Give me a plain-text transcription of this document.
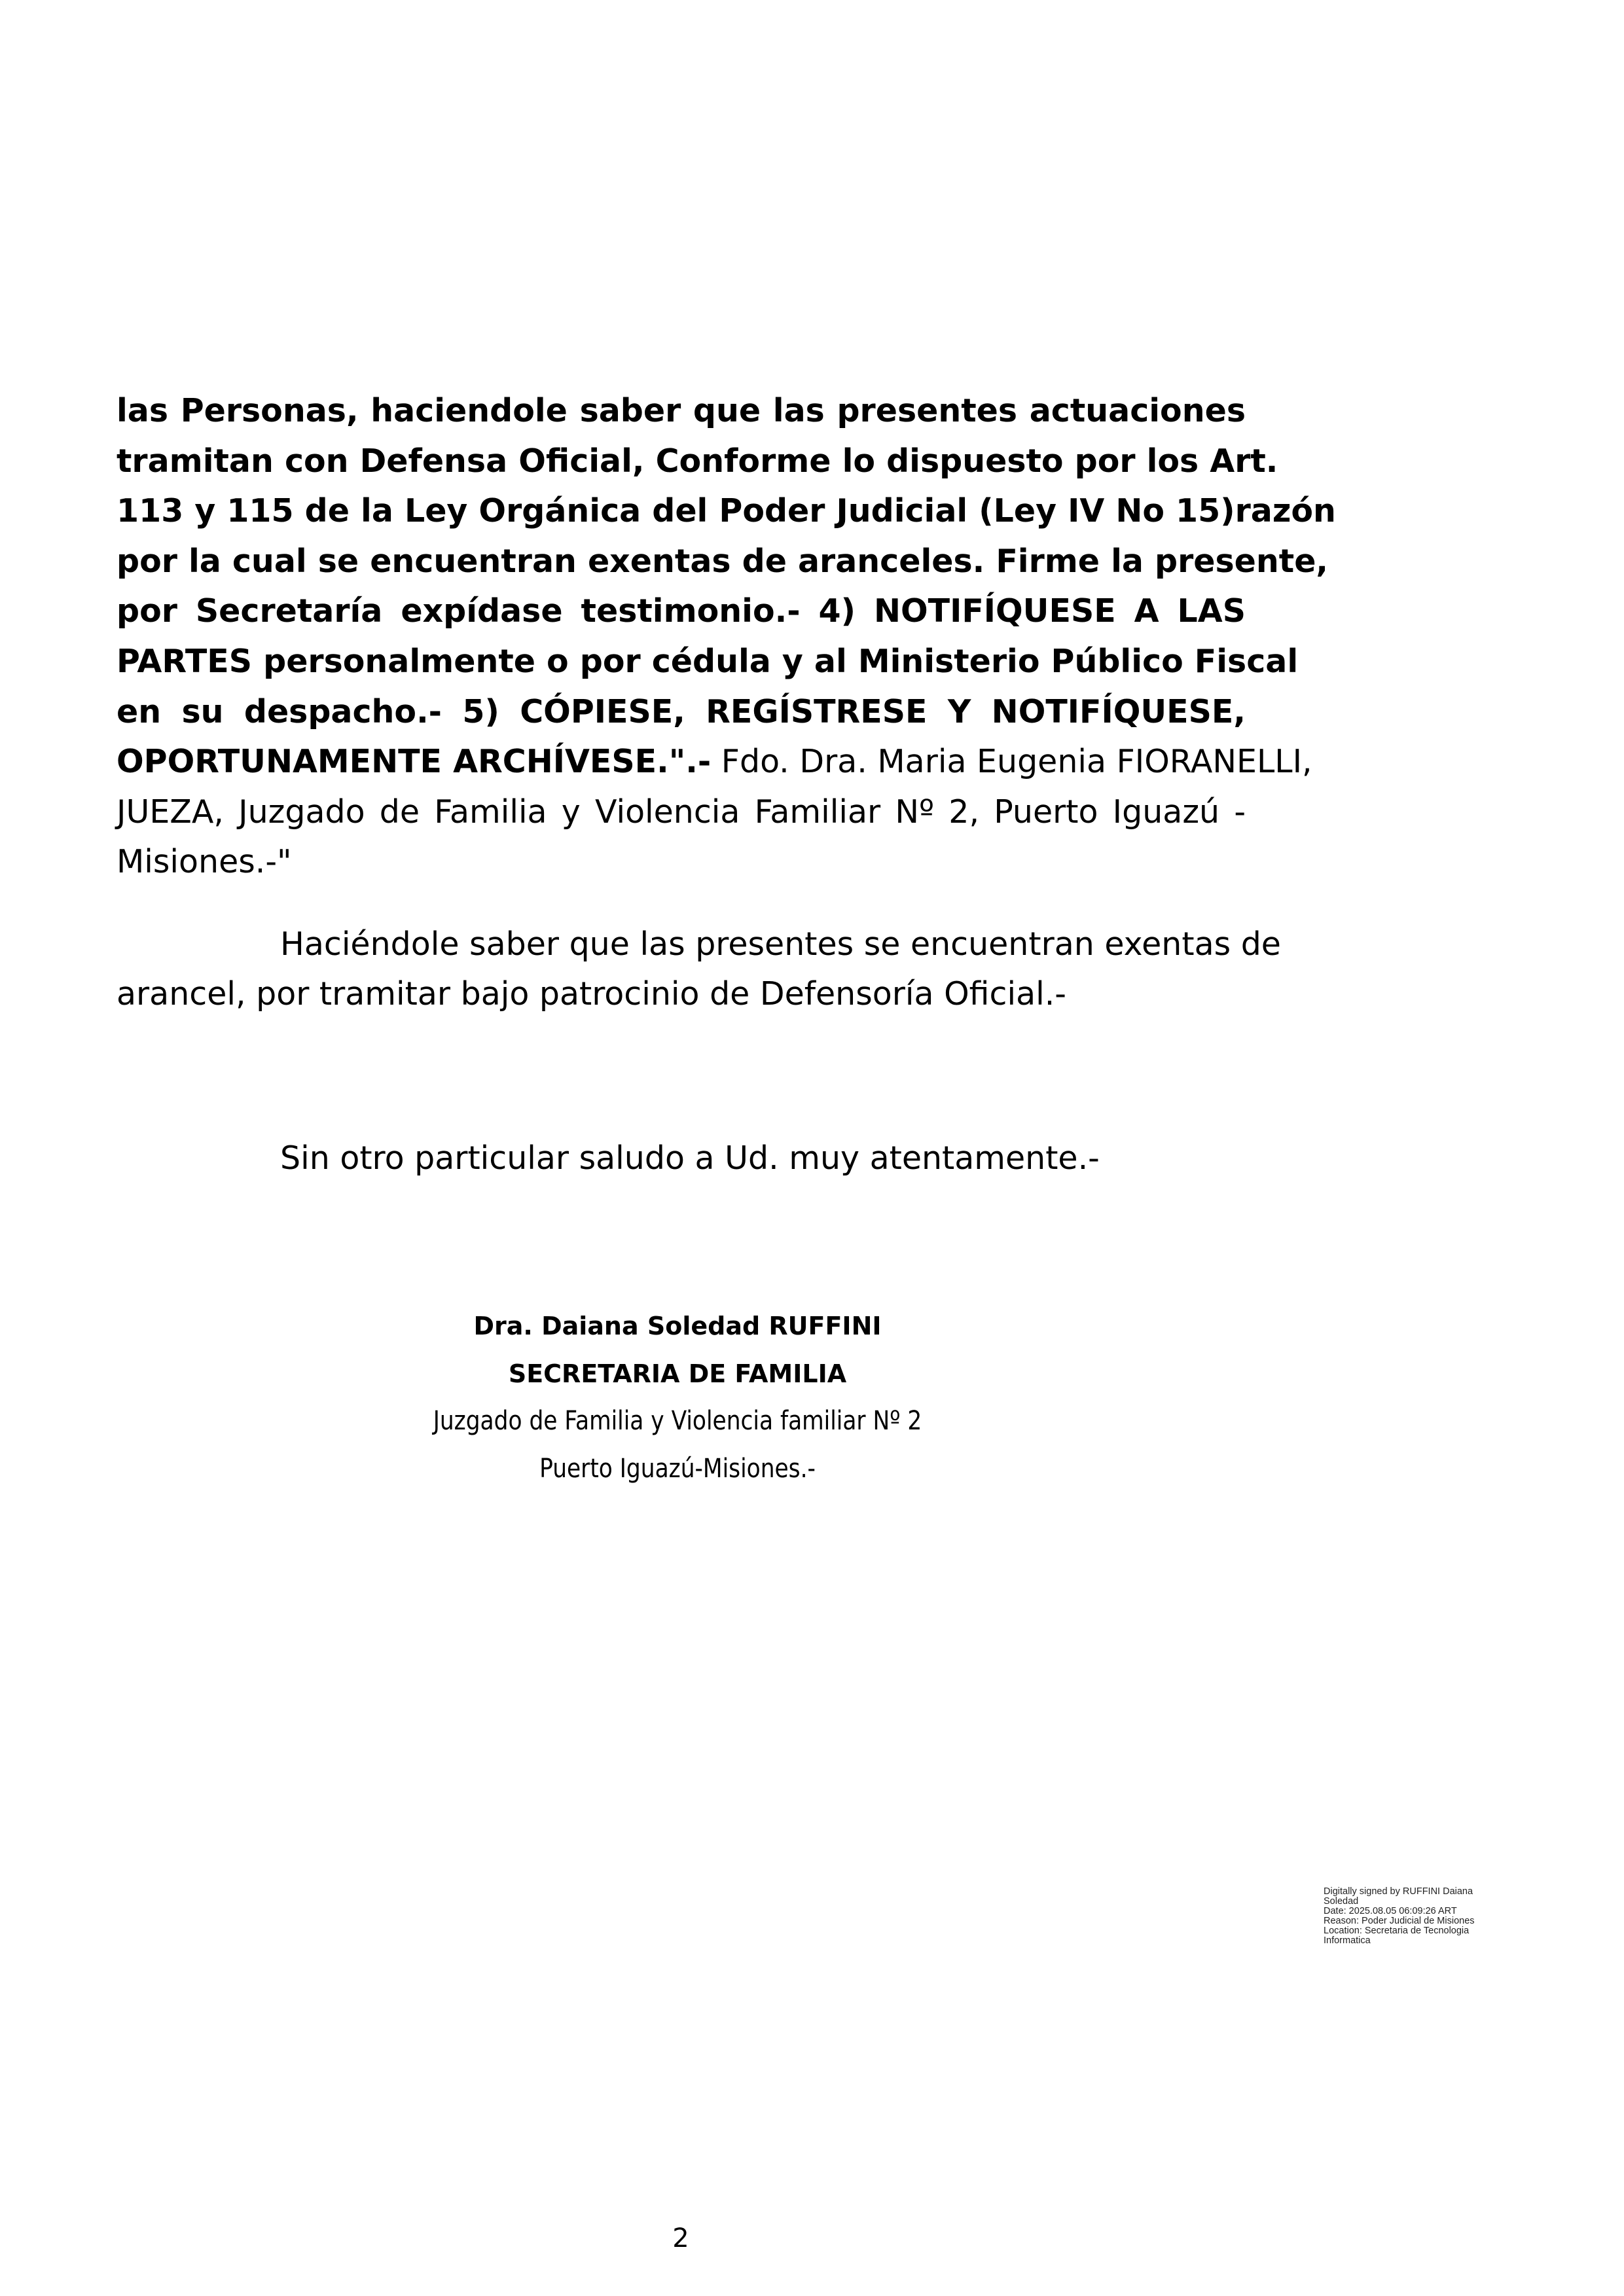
las Personas, haciendole saber que las presentes actuaciones
tramitan con Defensa Oficial, Conforme lo dispuesto por los Art.
113 y 115 de la Ley Orgánica del Poder Judicial (Ley IV No 15)razón
por la cual se encuentran exentas de aranceles. Firme la presente,
por Secretaría expídase testimonio.- 4) NOTIFÍQUESE A LAS
PARTES personalmente o por cédula y al Ministerio Público Fiscal
en su despacho.- 5) CÓPIESE, REGÍSTRESE Y NOTIFÍQUESE,
OPORTUNAMENTE ARCHÍVESE.".- Fdo. Dra. Maria Eugenia FIORANELLI,
JUEZA, Juzgado de Familia y Violencia Familiar Nº 2, Puerto Iguazú -
Misiones.-"
Haciéndole saber que las presentes se encuentran exentas de
arancel, por tramitar bajo patrocinio de Defensoría Oficial.-
Sin otro particular saludo a Ud. muy atentamente.-
Dra. Daiana Soledad RUFFINI
SECRETARIA DE FAMILIA
Juzgado de Familia y Violencia familiar Nº 2
Puerto Iguazú-Misiones.-
Digitally signed by RUFFINI Daiana
Soledad
Date: 2025.08.05 06:09:26 ART
Reason: Poder Judicial de Misiones
Location: Secretaria de Tecnologia
Informatica
2
